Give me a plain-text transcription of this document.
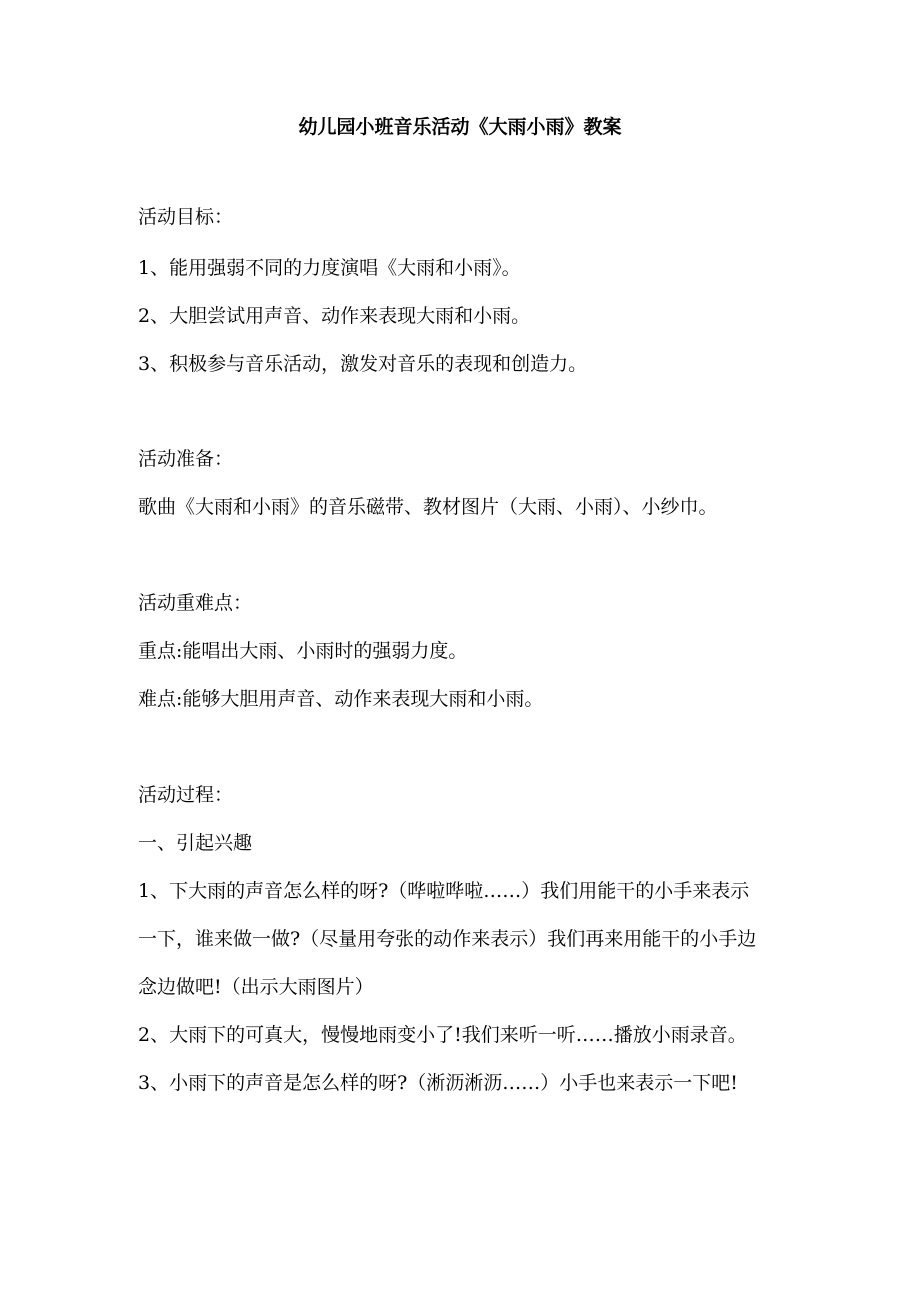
幼儿园小班音乐活动《大雨小雨》教案
活动目标：
1、能用强弱不同的力度演唱《大雨和小雨》。
2、大胆尝试用声音、动作来表现大雨和小雨。
3、积极参与音乐活动，激发对音乐的表现和创造力。
活动准备：
歌曲《大雨和小雨》的音乐磁带、教材图片（大雨、小雨）、小纱巾。
活动重难点：
重点:能唱出大雨、小雨时的强弱力度。
难点:能够大胆用声音、动作来表现大雨和小雨。
活动过程：
一、引起兴趣
1、下大雨的声音怎么样的呀?（哗啦哗啦……）我们用能干的小手来表示
一下，谁来做一做?（尽量用夸张的动作来表示）我们再来用能干的小手边
念边做吧!（出示大雨图片）
2、大雨下的可真大，慢慢地雨变小了!我们来听一听……播放小雨录音。
3、小雨下的声音是怎么样的呀?（淅沥淅沥……）小手也来表示一下吧!
